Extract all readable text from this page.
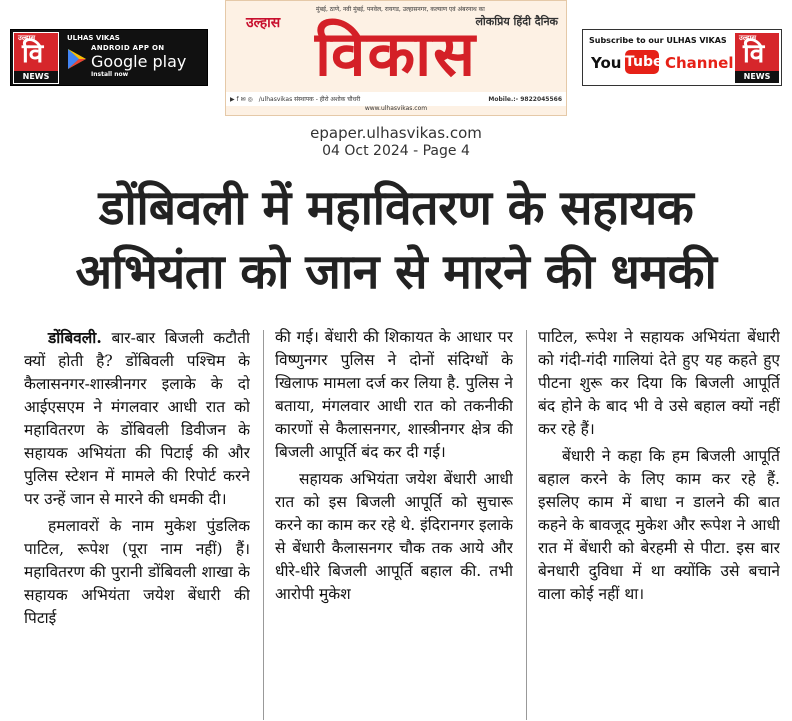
उल्हास
वि
NEWS
ULHAS VIKAS
ANDROID APP ON
Google play
Install now
उल्हास
मुंबई, ठाणे, नवी मुंबई, पनवेल, रायगड, उल्हासनगर, कल्याण एवं अंबरनाथ का
लोकप्रिय हिंदी दैनिक
विकास
▶ f ✉ ◎ /ulhasvikas संस्थापक - हीरो अशोक चौधरी	Mobile.:- 9822045566
www.ulhasvikas.com
Subscribe to our ULHAS VIKAS
You Tube Channel
उल्हास
वि
NEWS
epaper.ulhasvikas.com
04 Oct 2024 - Page 4
डोंबिवली में महावितरण के सहायक
अभियंता को जान से मारने की धमकी

डोंबिवली. बार-बार बिजली कटौती क्यों होती है? डोंबिवली पश्चिम के कैलासनगर-शास्त्रीनगर इलाके के दो आईएसएम ने मंगलवार आधी रात को महावितरण के डोंबिवली डिवीजन के सहायक अभियंता की पिटाई की और पुलिस स्टेशन में मामले की रिपोर्ट करने पर उन्हें जान से मारने की धमकी दी।

हमलावरों के नाम मुकेश पुंडलिक पाटिल, रूपेश (पूरा नाम नहीं) हैं। महावितरण की पुरानी डोंबिवली शाखा के सहायक अभियंता जयेश बेंधारी की पिटाई

की गई। बेंधारी की शिकायत के आधार पर विष्णुनगर पुलिस ने दोनों संदिग्धों के खिलाफ मामला दर्ज कर लिया है. पुलिस ने बताया, मंगलवार आधी रात को तकनीकी कारणों से कैलासनगर, शास्त्रीनगर क्षेत्र की बिजली आपूर्ति बंद कर दी गई।

सहायक अभियंता जयेश बेंधारी आधी रात को इस बिजली आपूर्ति को सुचारू करने का काम कर रहे थे. इंदिरानगर इलाके से बेंधारी कैलासनगर चौक तक आये और धीरे-धीरे बिजली आपूर्ति बहाल की. तभी आरोपी मुकेश

पाटिल, रूपेश ने सहायक अभियंता बेंधारी को गंदी-गंदी गालियां देते हुए यह कहते हुए पीटना शुरू कर दिया कि बिजली आपूर्ति बंद होने के बाद भी वे उसे बहाल क्यों नहीं कर रहे हैं।

बेंधारी ने कहा कि हम बिजली आपूर्ति बहाल करने के लिए काम कर रहे हैं. इसलिए काम में बाधा न डालने की बात कहने के बावजूद मुकेश और रूपेश ने आधी रात में बेंधारी को बेरहमी से पीटा. इस बार बेनधारी दुविधा में था क्योंकि उसे बचाने वाला कोई नहीं था।
